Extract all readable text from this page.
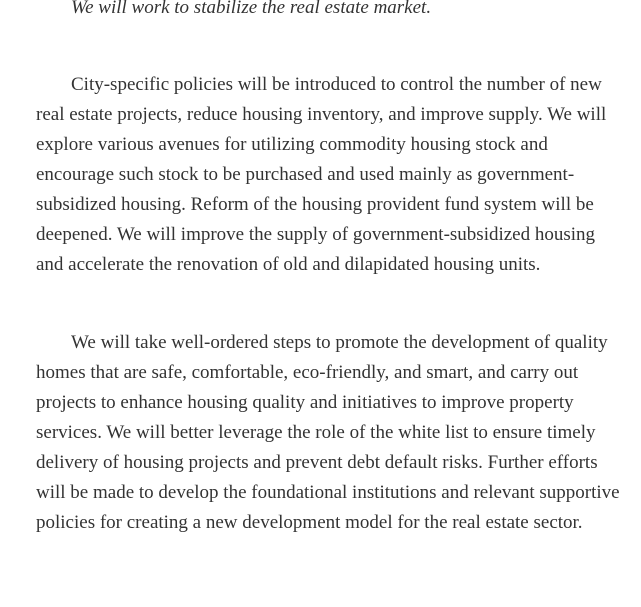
We will work to stabilize the real estate market.

City-specific policies will be introduced to control the number of new real estate projects, reduce housing inventory, and improve supply. We will explore various avenues for utilizing commodity housing stock and encourage such stock to be purchased and used mainly as government-subsidized housing. Reform of the housing provident fund system will be deepened. We will improve the supply of government-subsidized housing and accelerate the renovation of old and dilapidated housing units.

We will take well-ordered steps to promote the development of quality homes that are safe, comfortable, eco-friendly, and smart, and carry out projects to enhance housing quality and initiatives to improve property services. We will better leverage the role of the white list to ensure timely delivery of housing projects and prevent debt default risks. Further efforts will be made to develop the foundational institutions and relevant supportive policies for creating a new development model for the real estate sector.
